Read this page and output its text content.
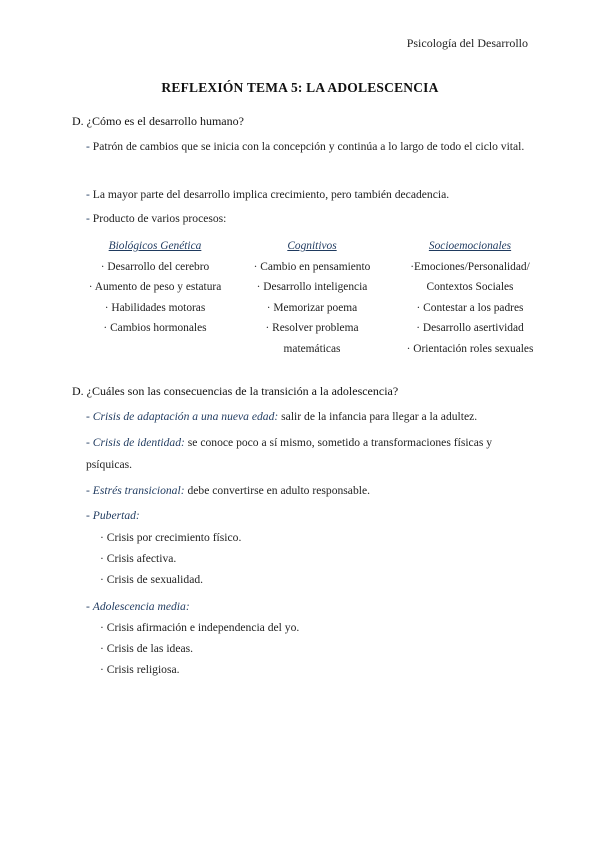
Psicología del Desarrollo
REFLEXIÓN TEMA 5: LA ADOLESCENCIA
D. ¿Cómo es el desarrollo humano?
- Patrón de cambios que se inicia con la concepción y continúa a lo largo de todo el ciclo vital.
- La mayor parte del desarrollo implica crecimiento, pero también decadencia.
- Producto de varios procesos:
Biológicos Genética
· Desarrollo del cerebro
· Aumento de peso y estatura
· Habilidades motoras
· Cambios hormonales
Cognitivos
· Cambio en pensamiento
· Desarrollo inteligencia
· Memorizar poema
· Resolver problema matemáticas
Socioemocionales
·Emociones/Personalidad/ Contextos Sociales
· Contestar a los padres
· Desarrollo asertividad
· Orientación roles sexuales
D. ¿Cuáles son las consecuencias de la transición a la adolescencia?
- Crisis de adaptación a una nueva edad: salir de la infancia para llegar a la adultez.
- Crisis de identidad: se conoce poco a sí mismo, sometido a transformaciones físicas y psíquicas.
- Estrés transicional: debe convertirse en adulto responsable.
- Pubertad:
· Crisis por crecimiento físico.
· Crisis afectiva.
· Crisis de sexualidad.
- Adolescencia media:
· Crisis afirmación e independencia del yo.
· Crisis de las ideas.
· Crisis religiosa.
